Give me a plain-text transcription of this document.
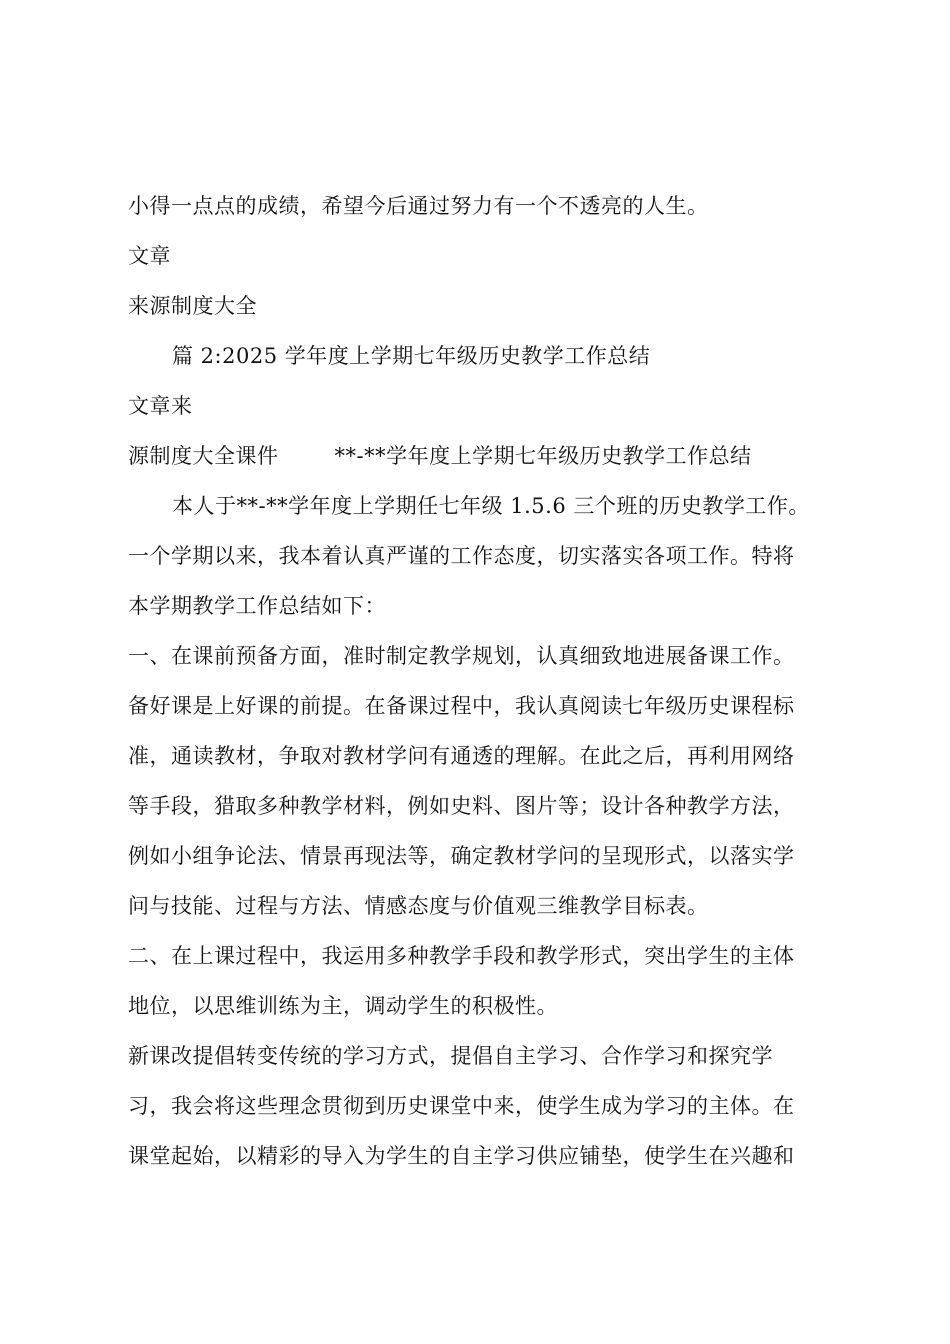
小得一点点的成绩，希望今后通过努力有一个不透亮的人生。
文章
来源制度大全
篇 2:2025 学年度上学期七年级历史教学工作总结
文章来
源制度大全课件	**-**学年度上学期七年级历史教学工作总结
本人于**-**学年度上学期任七年级 1.5.6 三个班的历史教学工作。
一个学期以来，我本着认真严谨的工作态度，切实落实各项工作。特将
本学期教学工作总结如下：
一、在课前预备方面，准时制定教学规划，认真细致地进展备课工作。
备好课是上好课的前提。在备课过程中，我认真阅读七年级历史课程标
准，通读教材，争取对教材学问有通透的理解。在此之后，再利用网络
等手段，猎取多种教学材料，例如史料、图片等；设计各种教学方法，
例如小组争论法、情景再现法等，确定教材学问的呈现形式，以落实学
问与技能、过程与方法、情感态度与价值观三维教学目标表。
二、在上课过程中，我运用多种教学手段和教学形式，突出学生的主体
地位，以思维训练为主，调动学生的积极性。
新课改提倡转变传统的学习方式，提倡自主学习、合作学习和探究学
习，我会将这些理念贯彻到历史课堂中来，使学生成为学习的主体。在
课堂起始，以精彩的导入为学生的自主学习供应铺垫，使学生在兴趣和
